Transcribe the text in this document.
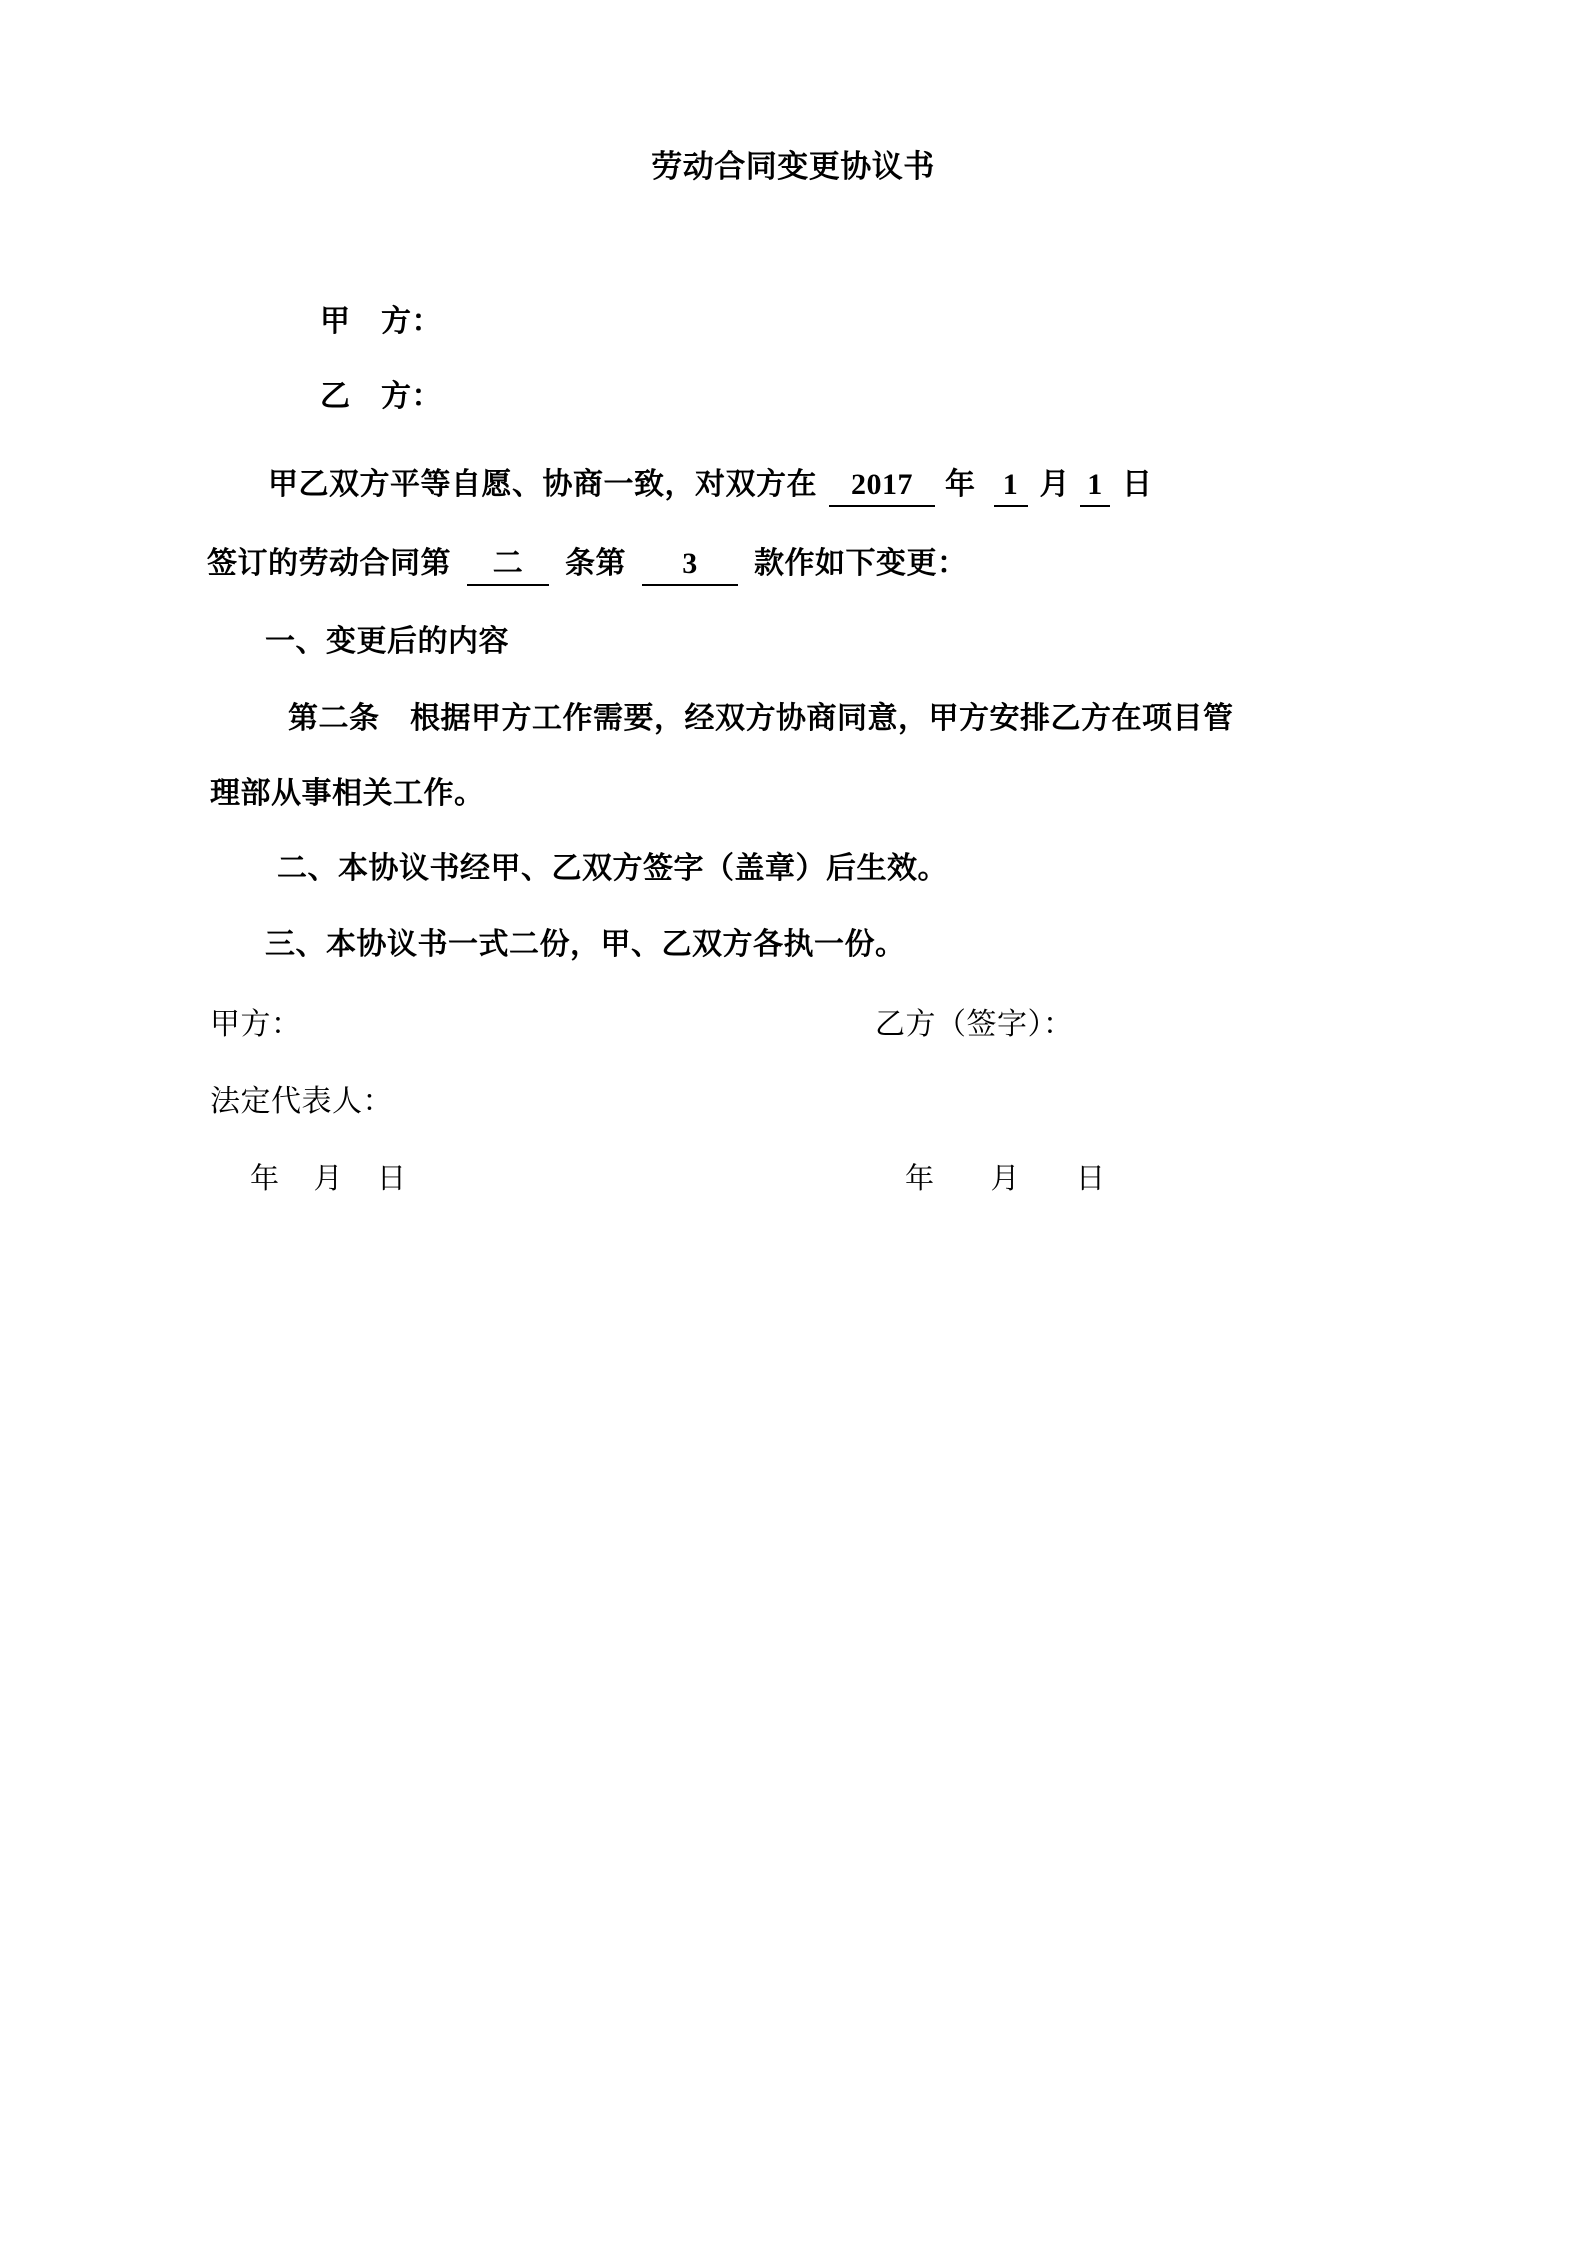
劳动合同变更协议书
甲　方：
乙　方：
甲乙双方平等自愿、协商一致，对双方在 2017 年 1 月 1 日
签订的劳动合同第 二 条第 3 款作如下变更：
一、变更后的内容
第二条　根据甲方工作需要，经双方协商同意，甲方安排乙方在项目管
理部从事相关工作。
二、本协议书经甲、乙双方签字（盖章）后生效。
三、本协议书一式二份，甲、乙双方各执一份。
甲方：	乙方（签字）：
法定代表人：
年 月 日	年 月 日
